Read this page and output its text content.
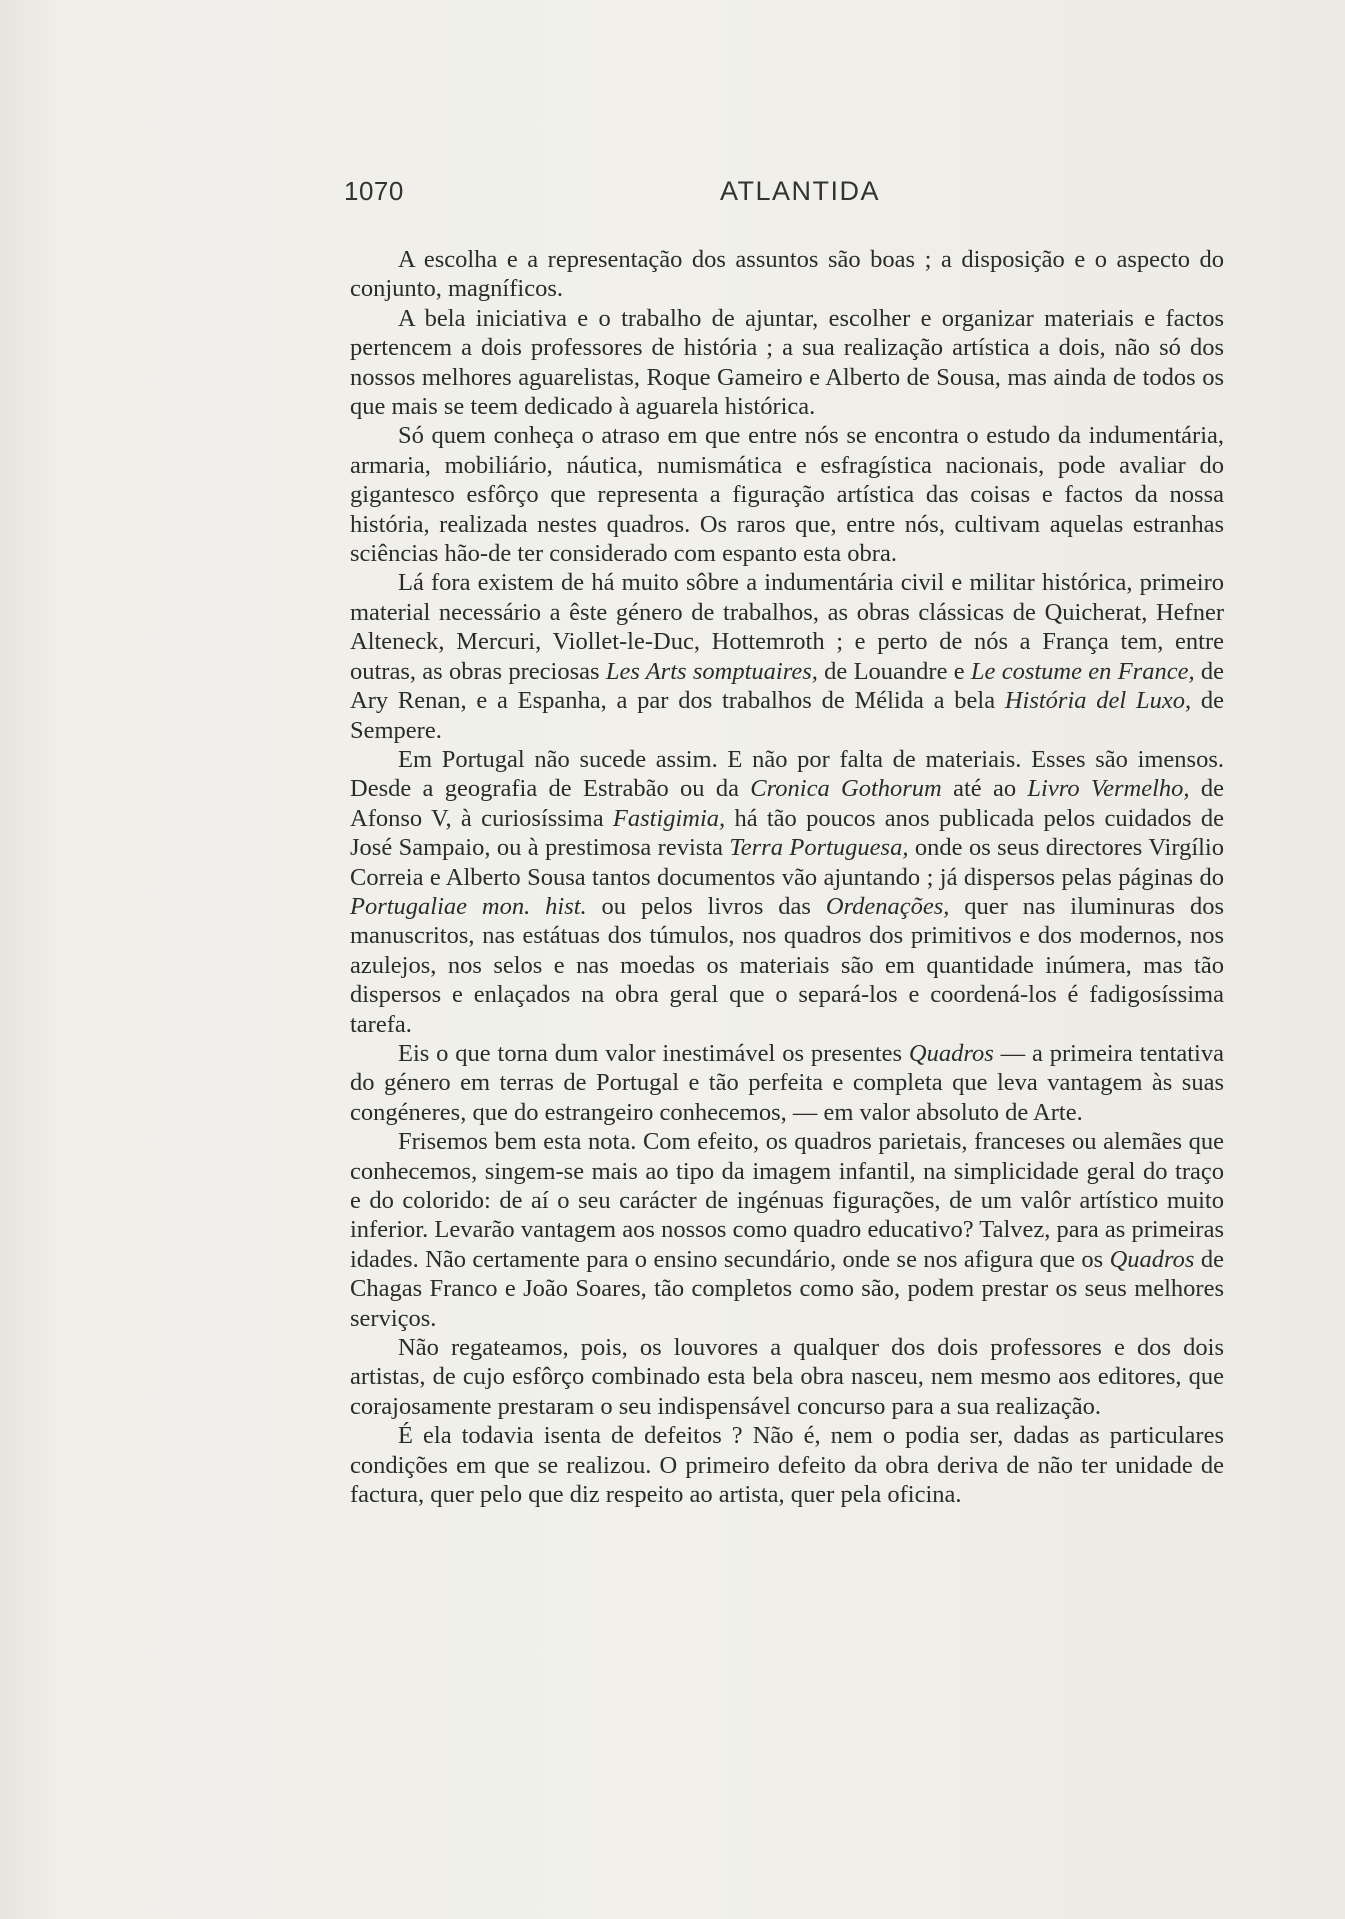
1070	ATLANTIDA

A escolha e a representação dos assuntos são boas ; a disposição e o aspecto do conjunto, magníficos.

A bela iniciativa e o trabalho de ajuntar, escolher e organizar materiais e factos pertencem a dois professores de história ; a sua realização artística a dois, não só dos nossos melhores aguarelistas, Roque Gameiro e Alberto de Sousa, mas ainda de todos os que mais se teem dedicado à aguarela histórica.

Só quem conheça o atraso em que entre nós se encontra o estudo da indumentária, armaria, mobiliário, náutica, numismática e esfragística nacionais, pode avaliar do gigantesco esfôrço que representa a figuração artística das coisas e factos da nossa história, realizada nestes quadros. Os raros que, entre nós, cultivam aquelas estranhas sciências hão-de ter considerado com espanto esta obra.

Lá fora existem de há muito sôbre a indumentária civil e militar histórica, primeiro material necessário a êste género de trabalhos, as obras clássicas de Quicherat, Hefner Alteneck, Mercuri, Viollet-le-Duc, Hottemroth ; e perto de nós a França tem, entre outras, as obras preciosas Les Arts somptuaires, de Louandre e Le costume en France, de Ary Renan, e a Espanha, a par dos trabalhos de Mélida a bela História del Luxo, de Sempere.

Em Portugal não sucede assim. E não por falta de materiais. Esses são imensos. Desde a geografia de Estrabão ou da Cronica Gothorum até ao Livro Vermelho, de Afonso V, à curiosíssima Fastigimia, há tão poucos anos publicada pelos cuidados de José Sampaio, ou à prestimosa revista Terra Portuguesa, onde os seus directores Virgílio Correia e Alberto Sousa tantos documentos vão ajuntando ; já dispersos pelas páginas do Portugaliae mon. hist. ou pelos livros das Ordenações, quer nas iluminuras dos manuscritos, nas estátuas dos túmulos, nos quadros dos primitivos e dos modernos, nos azulejos, nos selos e nas moedas os materiais são em quantidade inúmera, mas tão dispersos e enlaçados na obra geral que o separá-los e coordená-los é fadigosíssima tarefa.

Eis o que torna dum valor inestimável os presentes Quadros — a primeira tentativa do género em terras de Portugal e tão perfeita e completa que leva vantagem às suas congéneres, que do estrangeiro conhecemos, — em valor absoluto de Arte.

Frisemos bem esta nota. Com efeito, os quadros parietais, franceses ou alemães que conhecemos, singem-se mais ao tipo da imagem infantil, na simplicidade geral do traço e do colorido: de aí o seu carácter de ingénuas figurações, de um valôr artístico muito inferior. Levarão vantagem aos nossos como quadro educativo? Talvez, para as primeiras idades. Não certamente para o ensino secundário, onde se nos afigura que os Quadros de Chagas Franco e João Soares, tão completos como são, podem prestar os seus melhores serviços.

Não regateamos, pois, os louvores a qualquer dos dois professores e dos dois artistas, de cujo esfôrço combinado esta bela obra nasceu, nem mesmo aos editores, que corajosamente prestaram o seu indispensável concurso para a sua realização.

É ela todavia isenta de defeitos ? Não é, nem o podia ser, dadas as particulares condições em que se realizou. O primeiro defeito da obra deriva de não ter unidade de factura, quer pelo que diz respeito ao artista, quer pela oficina.
